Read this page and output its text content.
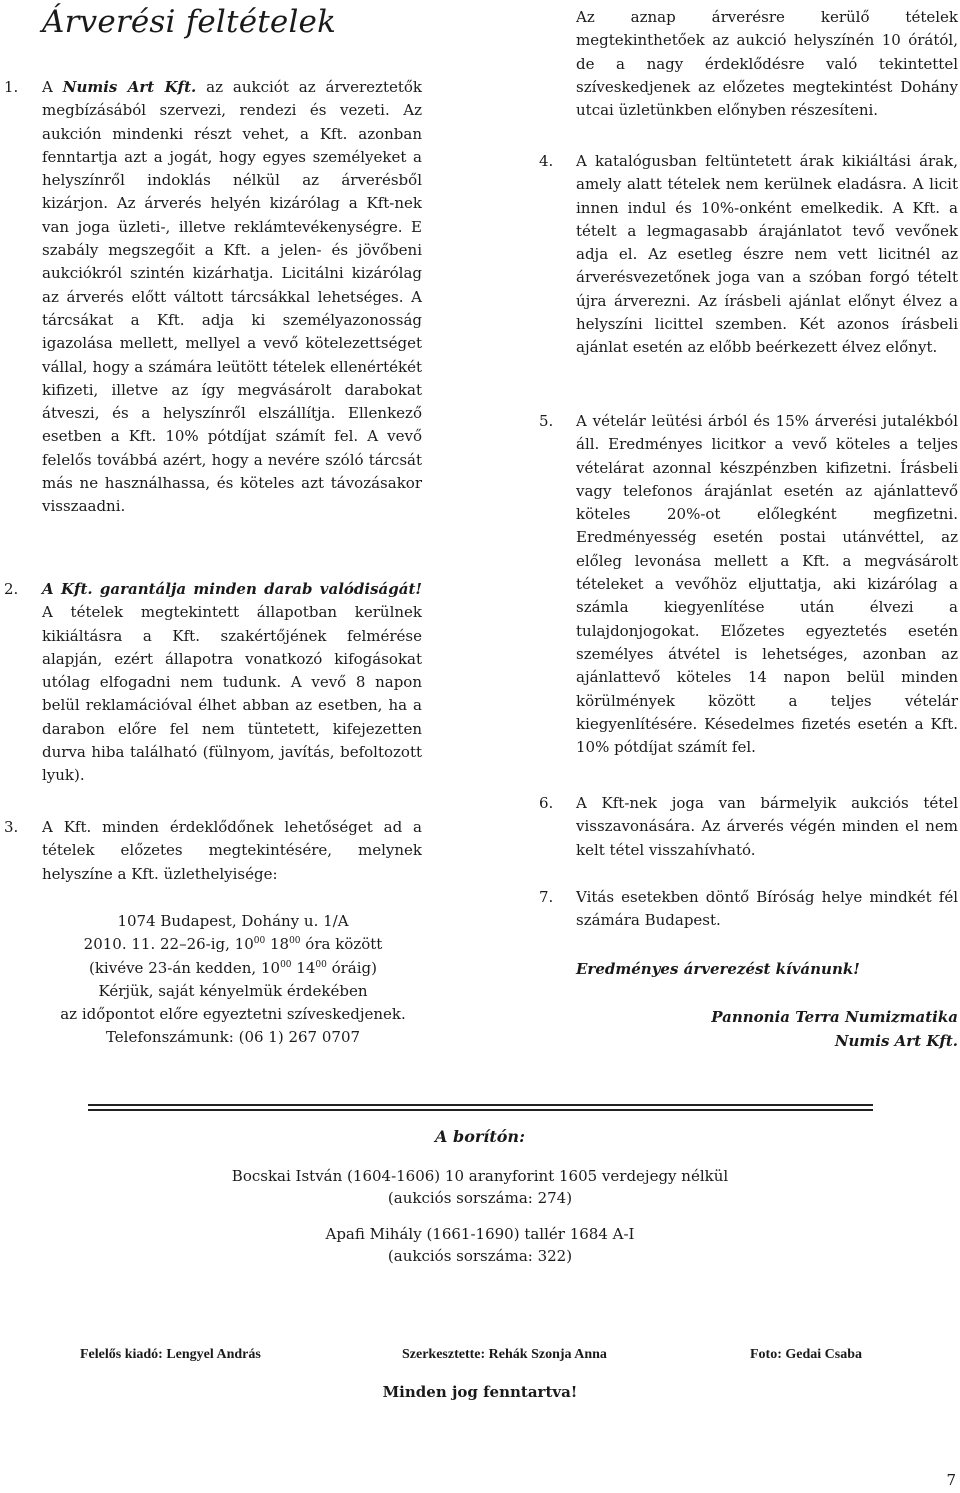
Árverési feltételek
1. A Numis Art Kft. az aukciót az árvereztetők megbízásából szervezi, rendezi és vezeti. Az aukción mindenki részt vehet, a Kft. azonban fenntartja azt a jogát, hogy egyes személyeket a helyszínről indoklás nélkül az árverésből kizárjon. Az árverés helyén kizárólag a Kft-nek van joga üzleti-, illetve reklámtevékenységre. E szabály megszegőit a Kft. a jelen- és jövőbeni aukciókról szintén kizárhatja. Licitálni kizárólag az árverés előtt váltott tárcsákkal lehetséges. A tárcsákat a Kft. adja ki személyazonosság igazolása mellett, mellyel a vevő kötelezettséget vállal, hogy a számára leütött tételek ellenértékét kifizeti, illetve az így megvásárolt darabokat átveszi, és a helyszínről elszállítja. Ellenkező esetben a Kft. 10% pótdíjat számít fel. A vevő felelős továbbá azért, hogy a nevére szóló tárcsát más ne használhassa, és köteles azt távozásakor visszaadni.

2. A Kft. garantálja minden darab valódiságát! A tételek megtekintett állapotban kerülnek kikiáltásra a Kft. szakértőjének felmérése alapján, ezért állapotra vonatkozó kifogásokat utólag elfogadni nem tudunk. A vevő 8 napon belül reklamációval élhet abban az esetben, ha a darabon előre fel nem tüntetett, kifejezetten durva hiba található (fülnyom, javítás, befoltozott lyuk).

3. A Kft. minden érdeklődőnek lehetőséget ad a tételek előzetes megtekintésére, melynek helyszíne a Kft. üzlethelyisége:

1074 Budapest, Dohány u. 1/A
2010. 11. 22–26-ig, $10^{00}$ $18^{00}$ óra között
(kivéve 23-án kedden, $10^{00}$ $14^{00}$ óráig)
Kérjük, saját kényelmük érdekében
az időpontot előre egyeztetni szíveskedjenek.
Telefonszámunk: (06 1) 267 0707

Az aznap árverésre kerülő tételek megtekinthetőek az aukció helyszínén 10 órától, de a nagy érdeklődésre való tekintettel szíveskedjenek az előzetes megtekintést Dohány utcai üzletünkben előnyben részesíteni.

4. A katalógusban feltüntetett árak kikiáltási árak, amely alatt tételek nem kerülnek eladásra. A licit innen indul és 10%-onként emelkedik. A Kft. a tételt a legmagasabb árajánlatot tevő vevőnek adja el. Az esetleg észre nem vett licitnél az árverésvezetőnek joga van a szóban forgó tételt újra árverezni. Az írásbeli ajánlat előnyt élvez a helyszíni licittel szemben. Két azonos írásbeli ajánlat esetén az előbb beérkezett élvez előnyt.

5. A vételár leütési árból és 15% árverési jutalékból áll. Eredményes licitkor a vevő köteles a teljes vételárat azonnal készpénzben kifizetni. Írásbeli vagy telefonos árajánlat esetén az ajánlattevő köteles 20%-ot előlegként megfizetni. Eredményesség esetén postai utánvéttel, az előleg levonása mellett a Kft. a megvásárolt tételeket a vevőhöz eljuttatja, aki kizárólag a számla kiegyenlítése után élvezi a tulajdonjogokat. Előzetes egyeztetés esetén személyes átvétel is lehetséges, azonban az ajánlattevő köteles 14 napon belül minden körülmények között a teljes vételár kiegyenlítésére. Késedelmes fizetés esetén a Kft. 10% pótdíjat számít fel.

6. A Kft-nek joga van bármelyik aukciós tétel visszavonására. Az árverés végén minden el nem kelt tétel visszahívható.

7. Vitás esetekben döntő Bíróság helye mindkét fél számára Budapest.

Eredményes árverezést kívánunk!
Pannonia Terra Numizmatika
Numis Art Kft.
A borítón:
Bocskai István (1604-1606) 10 aranyforint 1605 verdejegy nélkül
(aukciós sorszáma: 274)
Apafi Mihály (1661-1690) tallér 1684 A-I
(aukciós sorszáma: 322)
Felelős kiadó: Lengyel András	Szerkesztette: Rehák Szonja Anna	Foto: Gedai Csaba
Minden jog fenntartva!
7
